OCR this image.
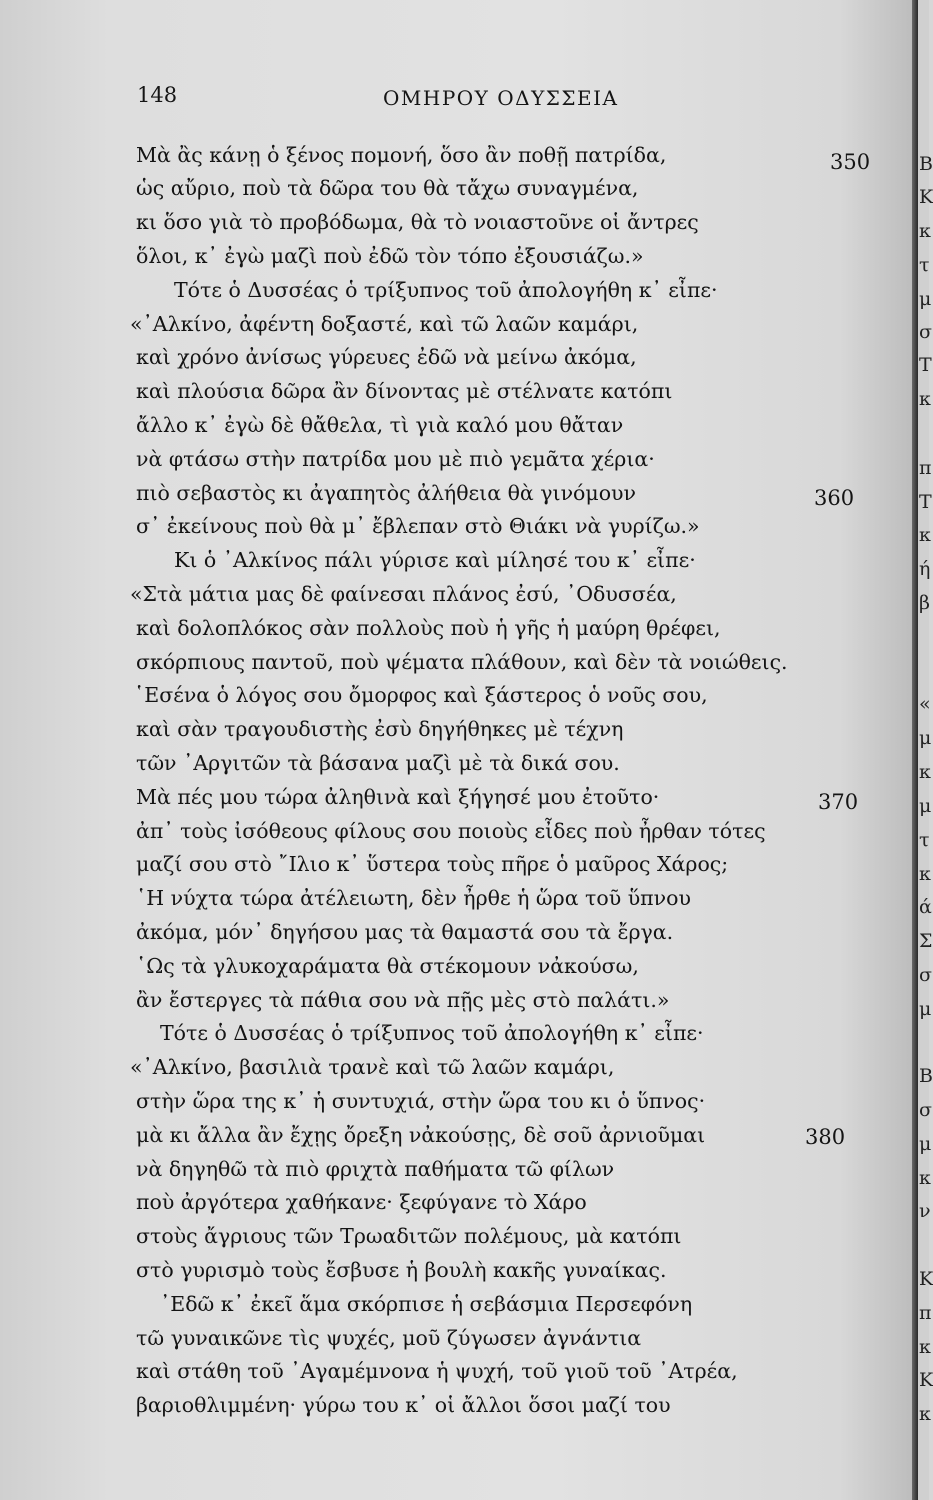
148	ΟΜΗΡΟΥ ΟΔΥΣΣΕΙΑ
Μὰ ἂς κάνῃ ὁ ξένος πομονή, ὅσο ἂν ποθῇ πατρίδα,
ὡς αὔριο, ποὺ τὰ δῶρα του θὰ τἄχω συναγμένα,
κι ὅσο γιὰ τὸ προβόδωμα, θὰ τὸ νοιαστοῦνε οἱ ἄντρες
ὅλοι, κ᾿ ἐγὼ μαζὶ ποὺ ἐδῶ τὸν τόπο ἐξουσιάζω.»
Τότε ὁ Δυσσέας ὁ τρίξυπνος τοῦ ἀπολογήθη κ᾿ εἶπε·
«᾿Αλκίνο, ἀφέντη δοξαστέ, καὶ τῶ λαῶν καμάρι,
καὶ χρόνο ἀνίσως γύρευες ἐδῶ νὰ μείνω ἀκόμα,
καὶ πλούσια δῶρα ἂν δίνοντας μὲ στέλνατε κατόπι
ἄλλο κ᾿ ἐγὼ δὲ θἄθελα, τὶ γιὰ καλό μου θἄταν
νὰ φτάσω στὴν πατρίδα μου μὲ πιὸ γεμᾶτα χέρια·
πιὸ σεβαστὸς κι ἀγαπητὸς ἀλήθεια θὰ γινόμουν
σ᾿ ἐκείνους ποὺ θὰ μ᾿ ἔβλεπαν στὸ Θιάκι νὰ γυρίζω.»
Κι ὁ ᾿Αλκίνος πάλι γύρισε καὶ μίλησέ του κ᾿ εἶπε·
«Στὰ μάτια μας δὲ φαίνεσαι πλάνος ἐσύ, ᾿Οδυσσέα,
καὶ δολοπλόκος σὰν πολλοὺς ποὺ ἡ γῆς ἡ μαύρη θρέφει,
σκόρπιους παντοῦ, ποὺ ψέματα πλάθουν, καὶ δὲν τὰ νοιώθεις.
῾Εσένα ὁ λόγος σου ὄμορφος καὶ ξάστερος ὁ νοῦς σου,
καὶ σὰν τραγουδιστὴς ἐσὺ δηγήθηκες μὲ τέχνη
τῶν ᾿Αργιτῶν τὰ βάσανα μαζὶ μὲ τὰ δικά σου.
Μὰ πές μου τώρα ἀληθινὰ καὶ ξήγησέ μου ἐτοῦτο·
ἀπ᾿ τοὺς ἰσόθεους φίλους σου ποιοὺς εἶδες ποὺ ἦρθαν τότες
μαζί σου στὸ ῎Ιλιο κ᾿ ὕστερα τοὺς πῆρε ὁ μαῦρος Χάρος;
῾Η νύχτα τώρα ἀτέλειωτη, δὲν ἦρθε ἡ ὥρα τοῦ ὕπνου
ἀκόμα, μόν᾿ δηγήσου μας τὰ θαμαστά σου τὰ ἔργα.
῾Ως τὰ γλυκοχαράματα θὰ στέκομουν νἀκούσω,
ἂν ἔστεργες τὰ πάθια σου νὰ πῇς μὲς στὸ παλάτι.»
Τότε ὁ Δυσσέας ὁ τρίξυπνος τοῦ ἀπολογήθη κ᾿ εἶπε·
«᾿Αλκίνο, βασιλιὰ τρανὲ καὶ τῶ λαῶν καμάρι,
στὴν ὥρα της κ᾿ ἡ συντυχιά, στὴν ὥρα του κι ὁ ὕπνος·
μὰ κι ἄλλα ἂν ἔχῃς ὄρεξη νἀκούσῃς, δὲ σοῦ ἀρνιοῦμαι
νὰ δηγηθῶ τὰ πιὸ φριχτὰ παθήματα τῶ φίλων
ποὺ ἀργότερα χαθήκανε· ξεφύγανε τὸ Χάρο
στοὺς ἄγριους τῶν Τρωαδιτῶν πολέμους, μὰ κατόπι
στὸ γυρισμὸ τοὺς ἔσβυσε ἡ βουλὴ κακῆς γυναίκας.
᾿Εδῶ κ᾿ ἐκεῖ ἅμα σκόρπισε ἡ σεβάσμια Περσεφόνη
τῶ γυναικῶνε τὶς ψυχές, μοῦ ζύγωσεν ἀγνάντια
καὶ στάθη τοῦ ᾿Αγαμέμνονα ἡ ψυχή, τοῦ γιοῦ τοῦ ᾿Ατρέα,
βαριοθλιμμένη· γύρω του κ᾿ οἱ ἄλλοι ὅσοι μαζί του
350
360
370
380
Β
Κ
κ
τ
μ
σ
Τ
κ
π
Τ
κ
ή
β
«
μ
κ
μ
τ
κ
ά
Σ
σ
μ
Β
σ
μ
κ
ν
Κ
π
κ
Κ
κ
